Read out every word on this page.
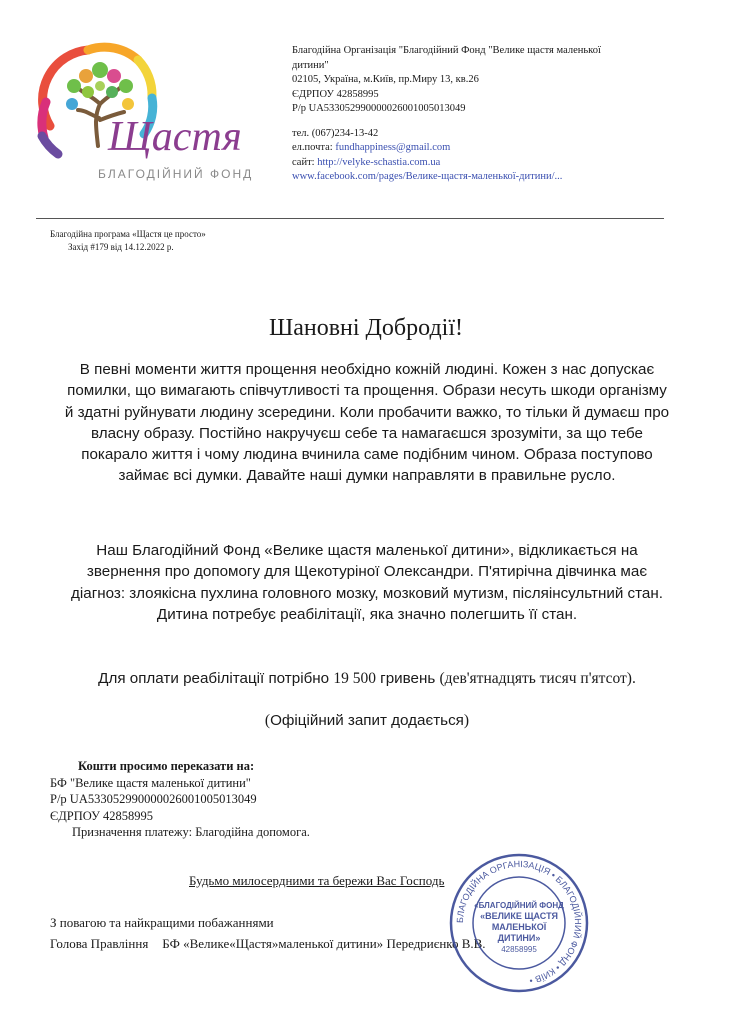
Щастя
БЛАГОДІЙНИЙ ФОНД
Благодійна Організація "Благодійний Фонд "Велике щастя маленької
дитини"
02105, Україна, м.Київ, пр.Миру 13, кв.26
ЄДРПОУ 42858995
Р/р UA533052990000026001005013049
тел. (067)234-13-42
ел.почта: fundhappiness@gmail.com
сайт: http://velyke-schastia.com.ua
www.facebook.com/pages/Велике-щастя-маленької-дитини/...
Благодійна програма «Щастя це просто»
Захід #179 від 14.12.2022 р.
Шановні Добродії!
В певні моменти життя прощення необхідно кожній людині. Кожен з нас допускає помилки, що вимагають співчутливості та прощення. Образи несуть шкоди організму й здатні руйнувати людину зсередини. Коли пробачити важко, то тільки й думаєш про власну образу. Постійно накручуєш себе та намагаєшся зрозуміти, за що тебе покарало життя і чому людина вчинила саме подібним чином. Образа поступово займає всі думки. Давайте наші думки направляти в правильне русло.
Наш Благодійний Фонд «Велике щастя маленької дитини», відкликається на звернення про допомогу для Щекотуріної Олександри. П'ятирічна дівчинка має діагноз: злоякісна пухлина головного мозку, мозковий мутизм, післяінсультний стан. Дитина потребує реабілітації, яка значно полегшить її стан.
Для оплати реабілітації потрібно 19 500 гривень (дев'ятнадцять тисяч п'ятсот).
(Офіційний запит додається)
Кошти просимо переказати на:
БФ "Велике щастя маленької дитини"
Р/р UA533052990000026001005013049
ЄДРПОУ 42858995
Призначення платежу: Благодійна допомога.
Будьмо милосердними та бережи Вас Господь
З повагою та найкращими побажаннями
Голова Правління БФ «Велике«Щастя»маленької дитини» Передриєнко В.В.
БЛАГОДІЙНА ОРГАНІЗАЦІЯ • БЛАГОДІЙНИЙ ФОНД • КИЇВ •
«БЛАГОДІЙНИЙ ФОНД
«ВЕЛИКЕ ЩАСТЯ
МАЛЕНЬКОЇ
ДИТИНИ»
42858995
